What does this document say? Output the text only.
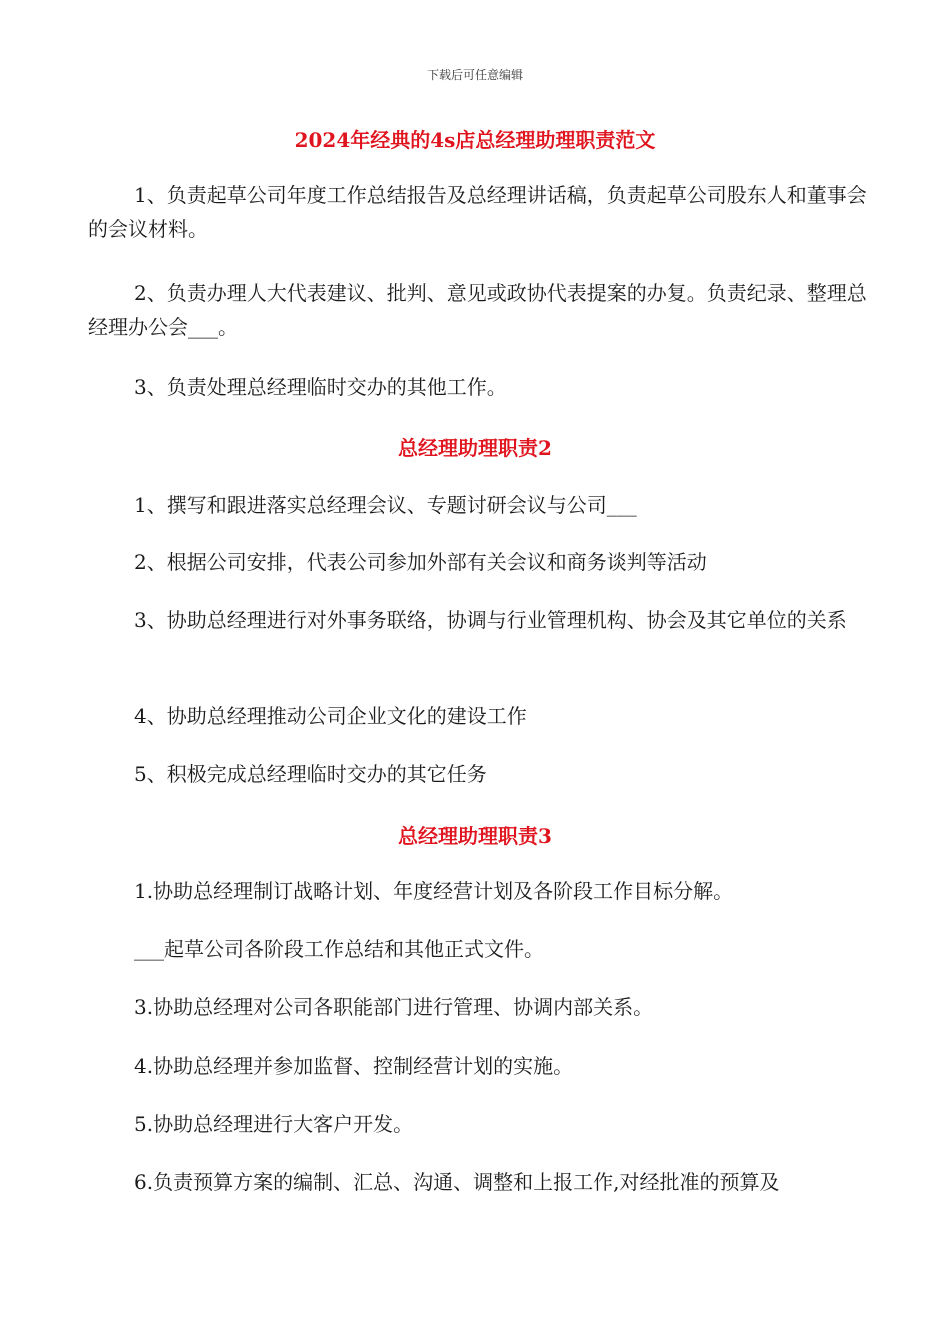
下载后可任意编辑
2024年经典的4s店总经理助理职责范文

1、负责起草公司年度工作总结报告及总经理讲话稿，负责起草公司股东人和董事会的会议材料。

2、负责办理人大代表建议、批判、意见或政协代表提案的办复。负责纪录、整理总经理办公会___。

3、负责处理总经理临时交办的其他工作。

总经理助理职责2

1、撰写和跟进落实总经理会议、专题讨研会议与公司___

2、根据公司安排，代表公司参加外部有关会议和商务谈判等活动

3、协助总经理进行对外事务联络，协调与行业管理机构、协会及其它单位的关系

4、协助总经理推动公司企业文化的建设工作

5、积极完成总经理临时交办的其它任务

总经理助理职责3

1.协助总经理制订战略计划、年度经营计划及各阶段工作目标分解。

___起草公司各阶段工作总结和其他正式文件。

3.协助总经理对公司各职能部门进行管理、协调内部关系。

4.协助总经理并参加监督、控制经营计划的实施。

5.协助总经理进行大客户开发。

6.负责预算方案的编制、汇总、沟通、调整和上报工作,对经批准的预算及
